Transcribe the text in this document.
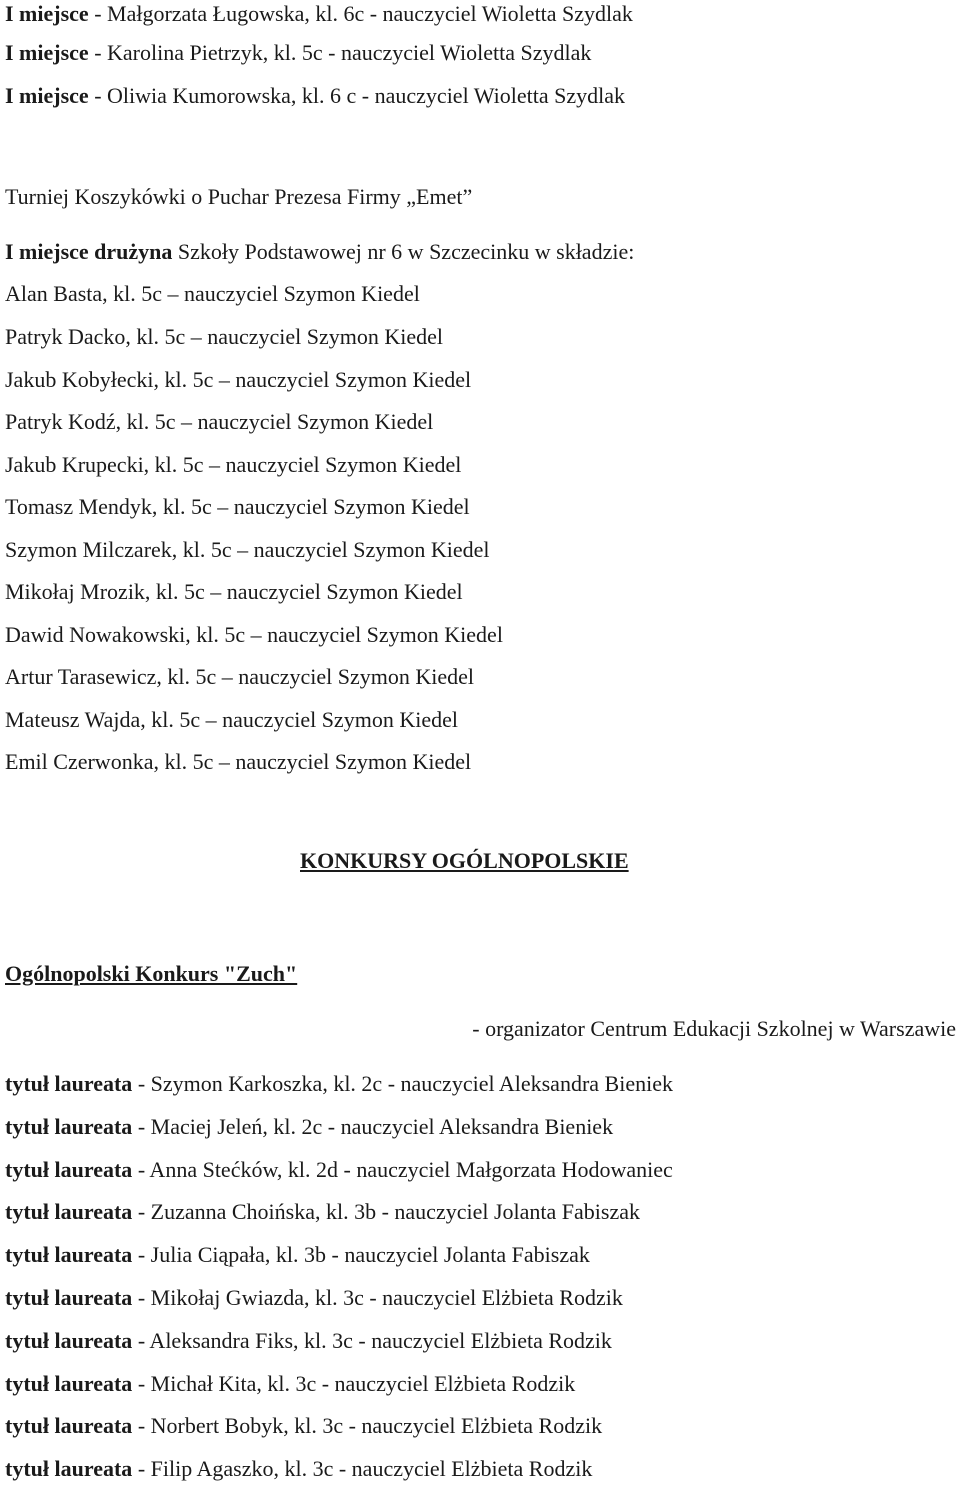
I miejsce - Małgorzata Ługowska, kl. 6c - nauczyciel Wioletta Szydlak
I miejsce - Karolina Pietrzyk, kl. 5c - nauczyciel Wioletta Szydlak
I miejsce - Oliwia Kumorowska, kl. 6 c - nauczyciel Wioletta Szydlak
Turniej Koszykówki o Puchar Prezesa Firmy „Emet”
I miejsce drużyna Szkoły Podstawowej nr 6 w Szczecinku w składzie:
Alan Basta, kl. 5c – nauczyciel Szymon Kiedel
Patryk Dacko, kl. 5c – nauczyciel Szymon Kiedel
Jakub Kobyłecki, kl. 5c – nauczyciel Szymon Kiedel
Patryk Kodź, kl. 5c – nauczyciel Szymon Kiedel
Jakub Krupecki, kl. 5c – nauczyciel Szymon Kiedel
Tomasz Mendyk, kl. 5c – nauczyciel Szymon Kiedel
Szymon Milczarek, kl. 5c – nauczyciel Szymon Kiedel
Mikołaj Mrozik, kl. 5c – nauczyciel Szymon Kiedel
Dawid Nowakowski, kl. 5c – nauczyciel Szymon Kiedel
Artur Tarasewicz, kl. 5c – nauczyciel Szymon Kiedel
Mateusz Wajda, kl. 5c – nauczyciel Szymon Kiedel
Emil Czerwonka, kl. 5c – nauczyciel Szymon Kiedel
KONKURSY OGÓLNOPOLSKIE
Ogólnopolski Konkurs "Zuch"
- organizator Centrum Edukacji Szkolnej w Warszawie
tytuł laureata - Szymon Karkoszka, kl. 2c - nauczyciel Aleksandra Bieniek
tytuł laureata - Maciej Jeleń, kl. 2c - nauczyciel Aleksandra Bieniek
tytuł laureata - Anna Stećków, kl. 2d - nauczyciel Małgorzata Hodowaniec
tytuł laureata - Zuzanna Choińska, kl. 3b - nauczyciel Jolanta Fabiszak
tytuł laureata - Julia Ciąpała, kl. 3b - nauczyciel Jolanta Fabiszak
tytuł laureata - Mikołaj Gwiazda, kl. 3c - nauczyciel Elżbieta Rodzik
tytuł laureata - Aleksandra Fiks, kl. 3c - nauczyciel Elżbieta Rodzik
tytuł laureata - Michał Kita, kl. 3c - nauczyciel Elżbieta Rodzik
tytuł laureata - Norbert Bobyk, kl. 3c - nauczyciel Elżbieta Rodzik
tytuł laureata - Filip Agaszko, kl. 3c - nauczyciel Elżbieta Rodzik
